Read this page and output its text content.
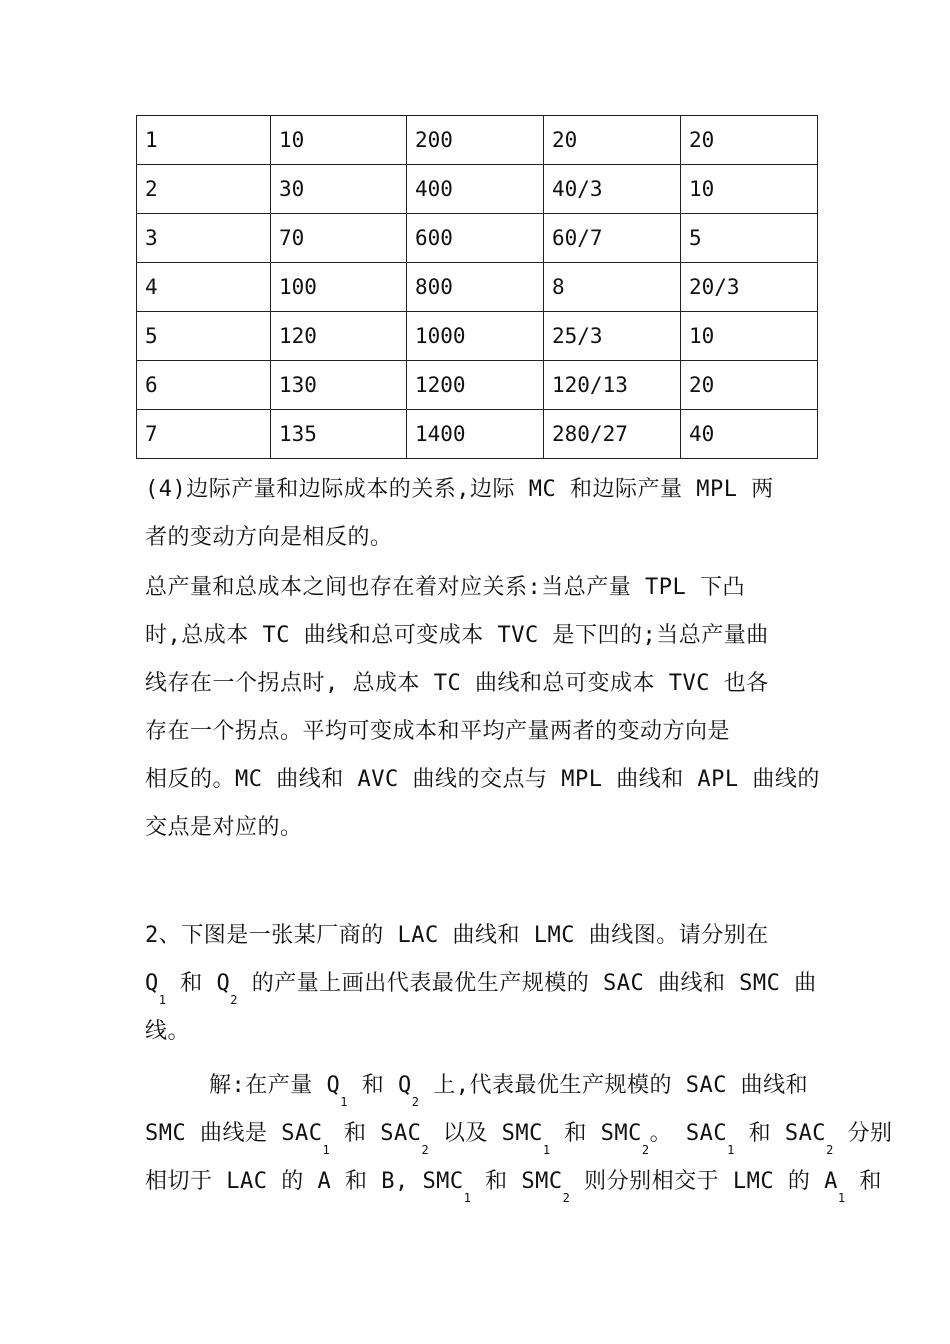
1	10	200	20	20
2	30	400	40/3	10
3	70	600	60/7	5
4	100	800	8	20/3
5	120	1000	25/3	10
6	130	1200	120/13	20
7	135	1400	280/27	40
(4)边际产量和边际成本的关系,边际 MC 和边际产量 MPL 两
者的变动方向是相反的。
总产量和总成本之间也存在着对应关系:当总产量 TPL 下凸
时,总成本 TC 曲线和总可变成本 TVC 是下凹的;当总产量曲
线存在一个拐点时, 总成本 TC 曲线和总可变成本 TVC 也各
存在一个拐点。平均可变成本和平均产量两者的变动方向是
相反的。MC 曲线和 AVC 曲线的交点与 MPL 曲线和 APL 曲线的
交点是对应的。
2、下图是一张某厂商的 LAC 曲线和 LMC 曲线图。请分别在
$Q_1$ 和 $Q_2$ 的产量上画出代表最优生产规模的 SAC 曲线和 SMC 曲
线。
解:在产量 $Q_1$ 和 $Q_2$ 上,代表最优生产规模的 SAC 曲线和
SMC 曲线是 $SAC_1$ 和 $SAC_2$ 以及 $SMC_1$ 和 $SMC_2$。 $SAC_1$ 和 $SAC_2$ 分别
相切于 LAC 的 A 和 B, $SMC_1$ 和 $SMC_2$ 则分别相交于 LMC 的 $A_1$ 和
